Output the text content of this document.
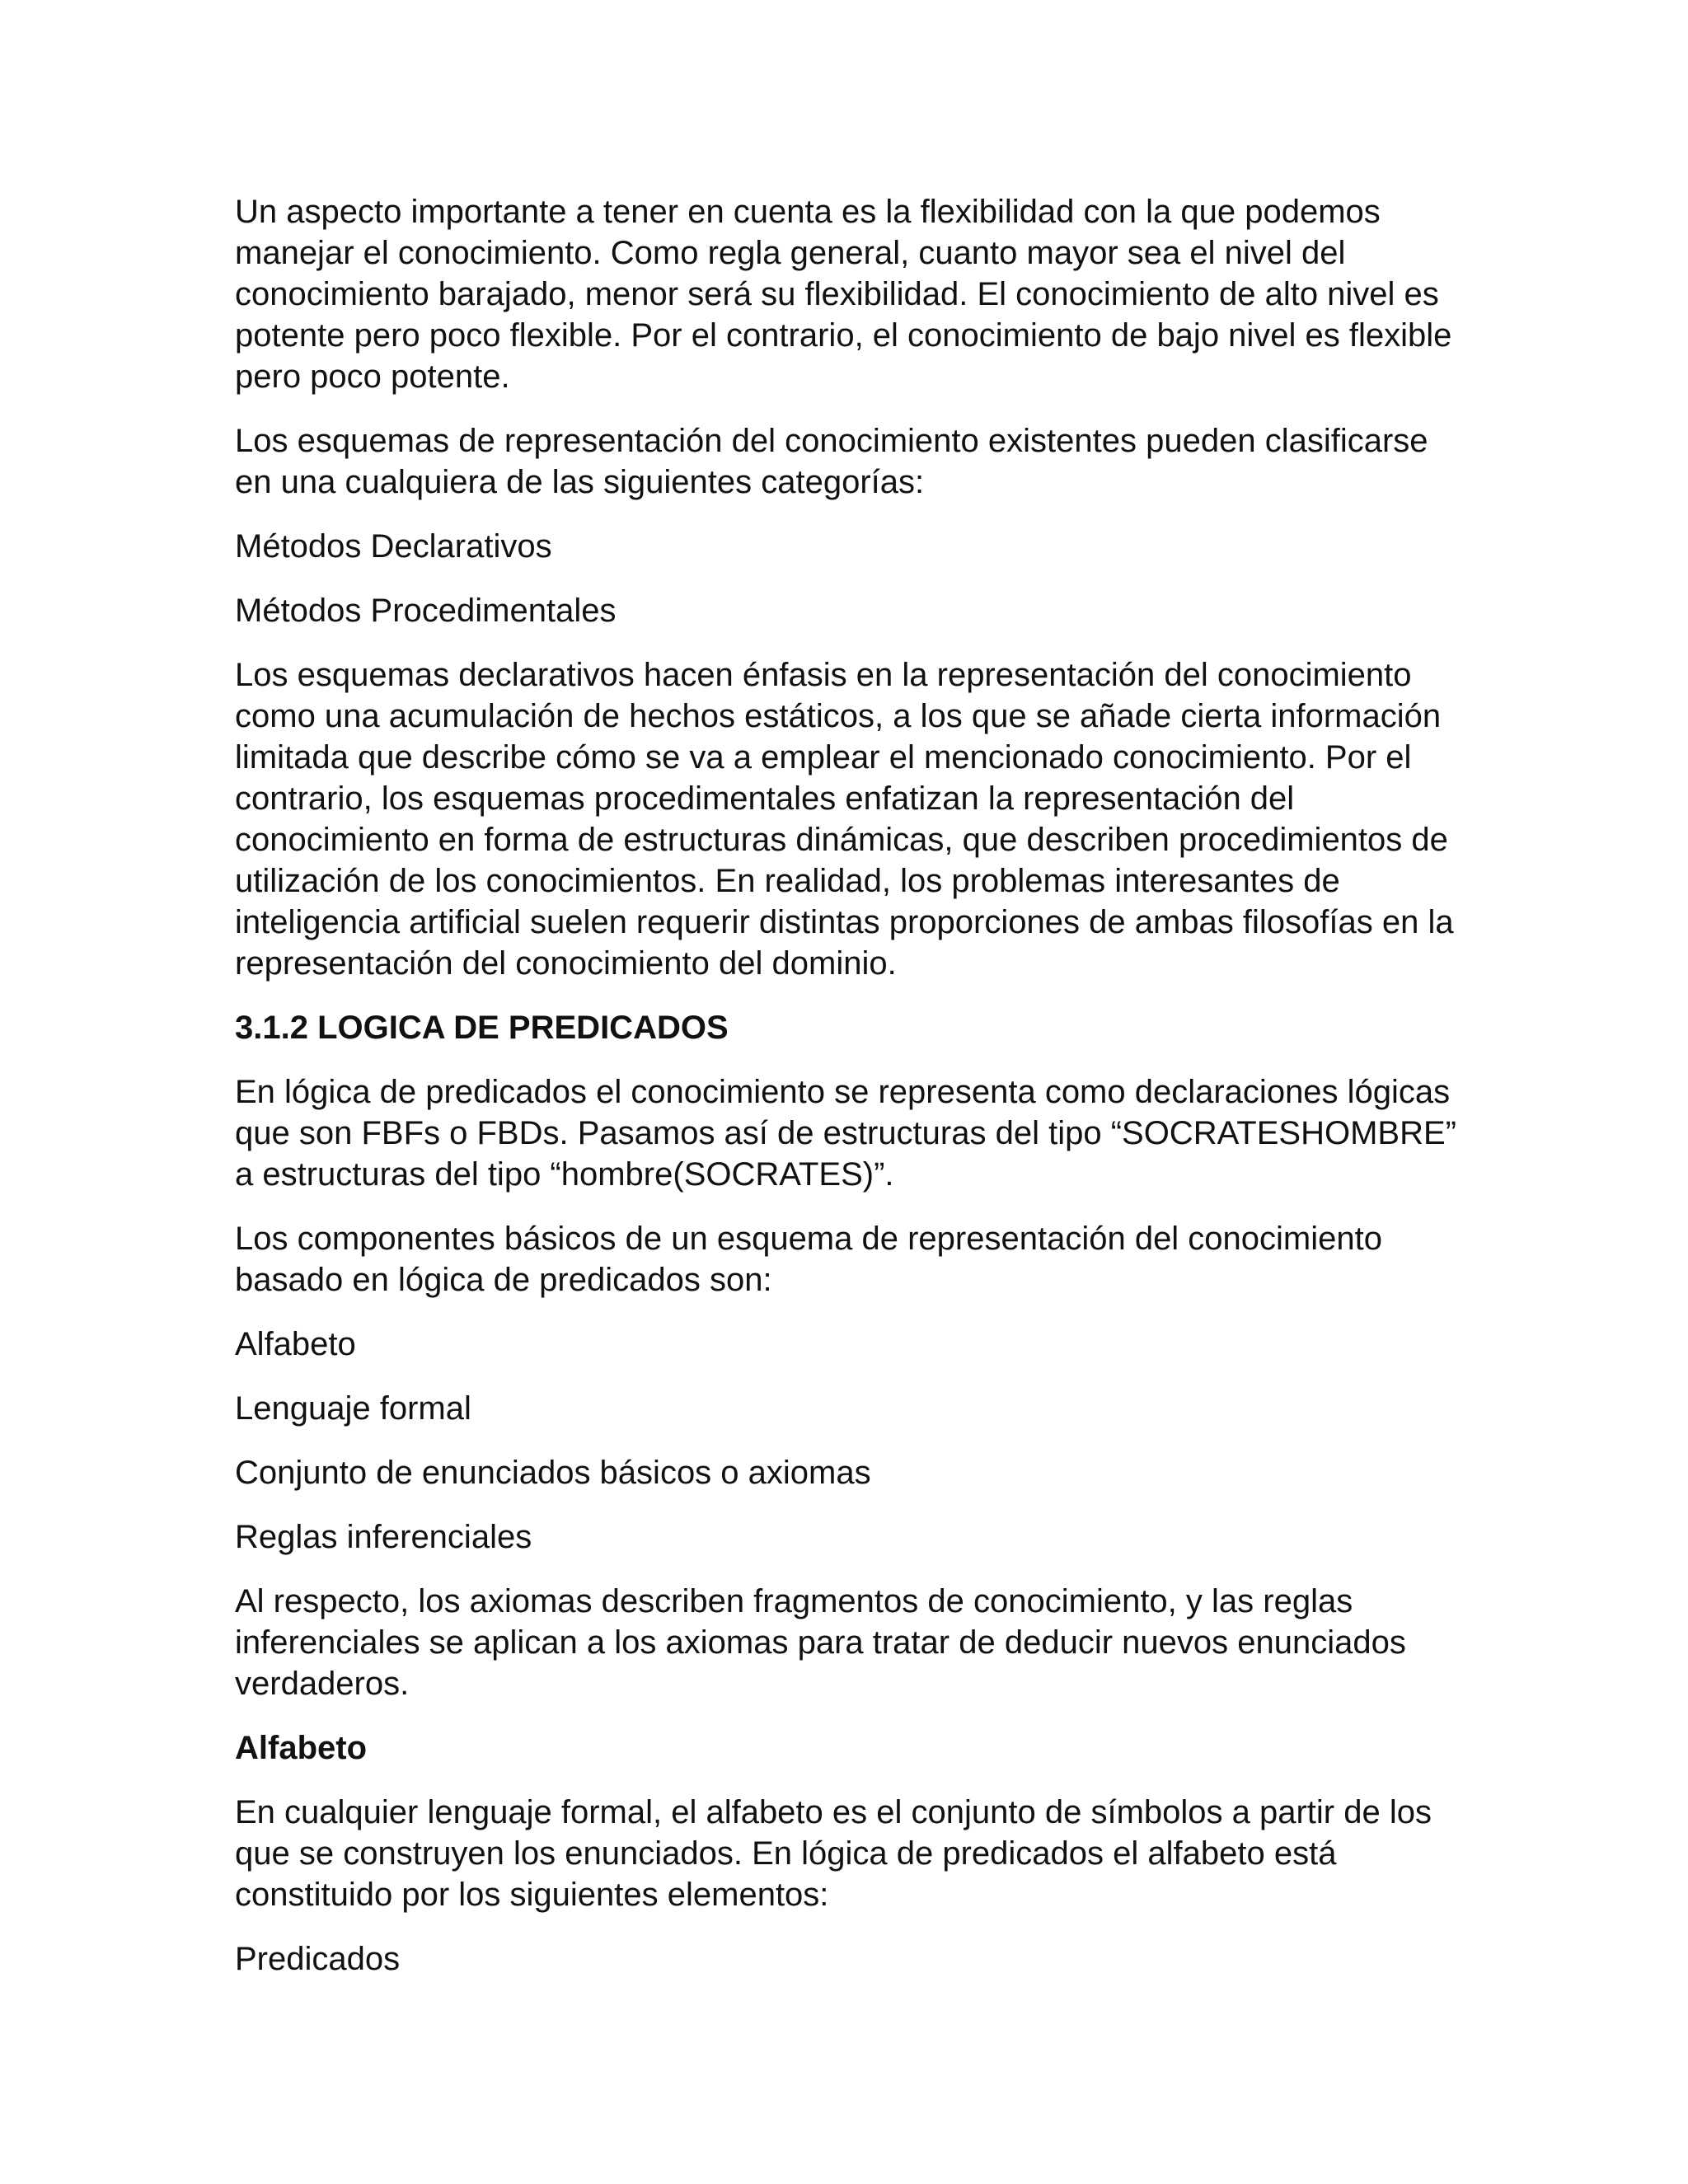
Un aspecto importante a tener en cuenta es la flexibilidad con la que podemos manejar el conocimiento. Como regla general, cuanto mayor sea el nivel del conocimiento barajado, menor será su flexibilidad. El conocimiento de alto nivel es potente pero poco flexible. Por el contrario, el conocimiento de bajo nivel es flexible pero poco potente.

Los esquemas de representación del conocimiento existentes pueden clasificarse en una cualquiera de las siguientes categorías:

Métodos Declarativos

Métodos Procedimentales

Los esquemas declarativos hacen énfasis en la representación del conocimiento como una acumulación de hechos estáticos, a los que se añade cierta información limitada que describe cómo se va a emplear el mencionado conocimiento. Por el contrario, los esquemas procedimentales enfatizan la representación del conocimiento en forma de estructuras dinámicas, que describen procedimientos de utilización de los conocimientos. En realidad, los problemas interesantes de inteligencia artificial suelen requerir distintas proporciones de ambas filosofías en la representación del conocimiento del dominio.

3.1.2 LOGICA DE PREDICADOS

En lógica de predicados el conocimiento se representa como declaraciones lógicas que son FBFs o FBDs. Pasamos así de estructuras del tipo “SOCRATESHOMBRE” a estructuras del tipo “hombre(SOCRATES)”.

Los componentes básicos de un esquema de representación del conocimiento basado en lógica de predicados son:

Alfabeto

Lenguaje formal

Conjunto de enunciados básicos o axiomas

Reglas inferenciales

Al respecto, los axiomas describen fragmentos de conocimiento, y las reglas inferenciales se aplican a los axiomas para tratar de deducir nuevos enunciados verdaderos.

Alfabeto

En cualquier lenguaje formal, el alfabeto es el conjunto de símbolos a partir de los que se construyen los enunciados. En lógica de predicados el alfabeto está constituido por los siguientes elementos:

Predicados
